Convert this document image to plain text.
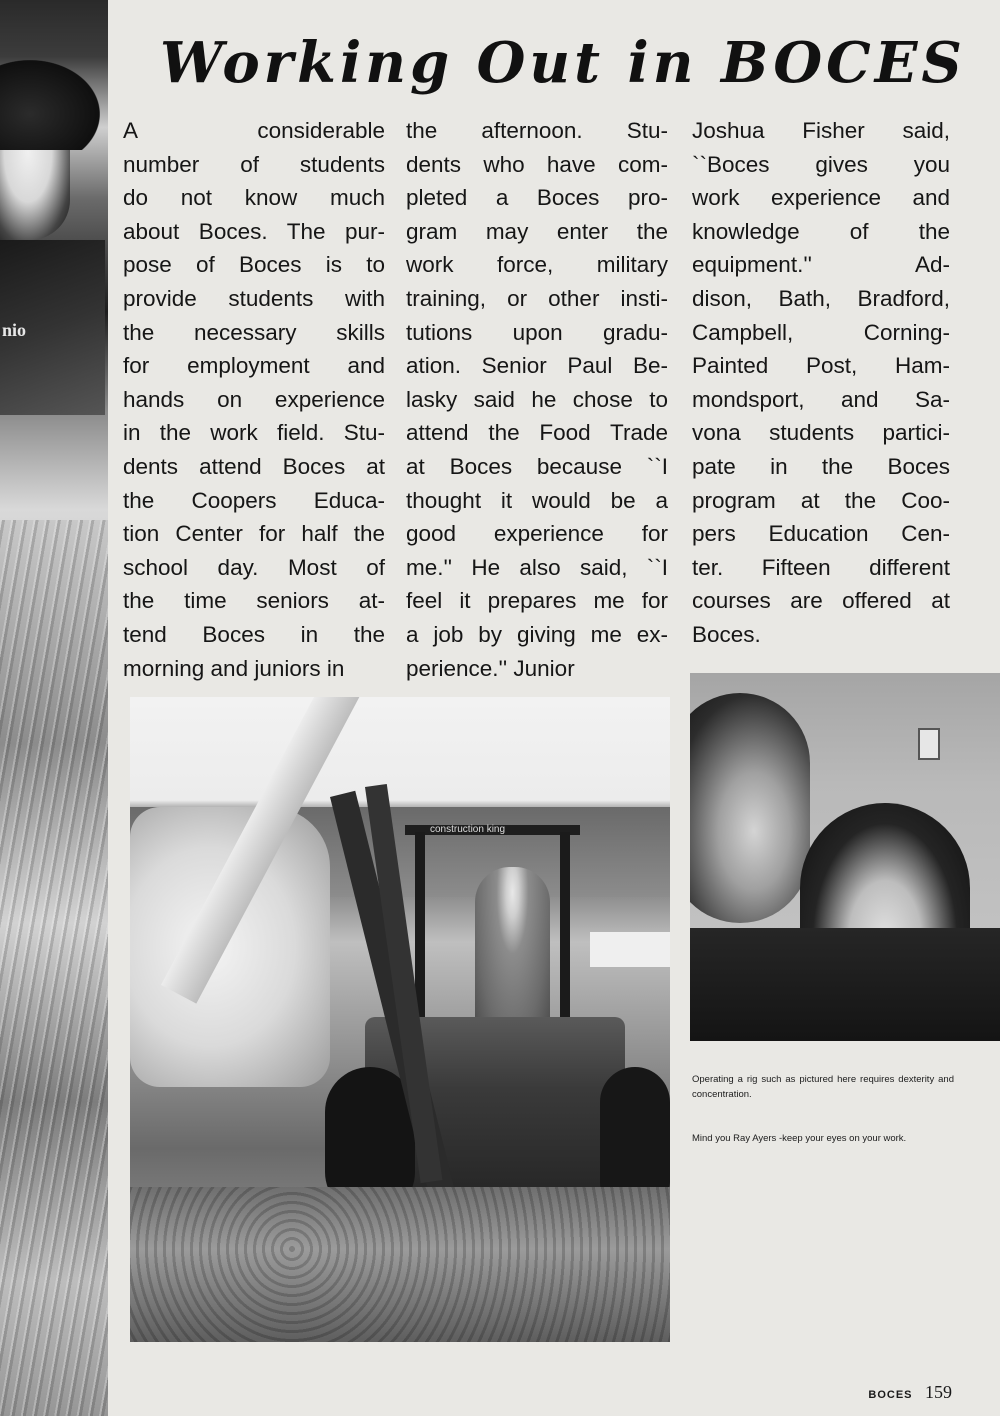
nio
Working Out in BOCES
A considerable
number of students
do not know much
about Boces. The pur-
pose of Boces is to
provide students with
the necessary skills
for employment and
hands on experience
in the work field. Stu-
dents attend Boces at
the Coopers Educa-
tion Center for half the
school day. Most of
the time seniors at-
tend Boces in the
morning and juniors in
the afternoon. Stu-
dents who have com-
pleted a Boces pro-
gram may enter the
work force, military
training, or other insti-
tutions upon gradu-
ation. Senior Paul Be-
lasky said he chose to
attend the Food Trade
at Boces because ``I
thought it would be a
good experience for
me.'' He also said, ``I
feel it prepares me for
a job by giving me ex-
perience.'' Junior
Joshua Fisher said,
``Boces gives you
work experience and
knowledge of the
equipment.'' Ad-
dison, Bath, Bradford,
Campbell, Corning-
Painted Post, Ham-
mondsport, and Sa-
vona students partici-
pate in the Boces
program at the Coo-
pers Education Cen-
ter. Fifteen different
courses are offered at
Boces.
construction king
Operating a rig such as pictured here requires dexterity and concentration.
Mind you Ray Ayers -keep your eyes on your work.
BOCES 159
